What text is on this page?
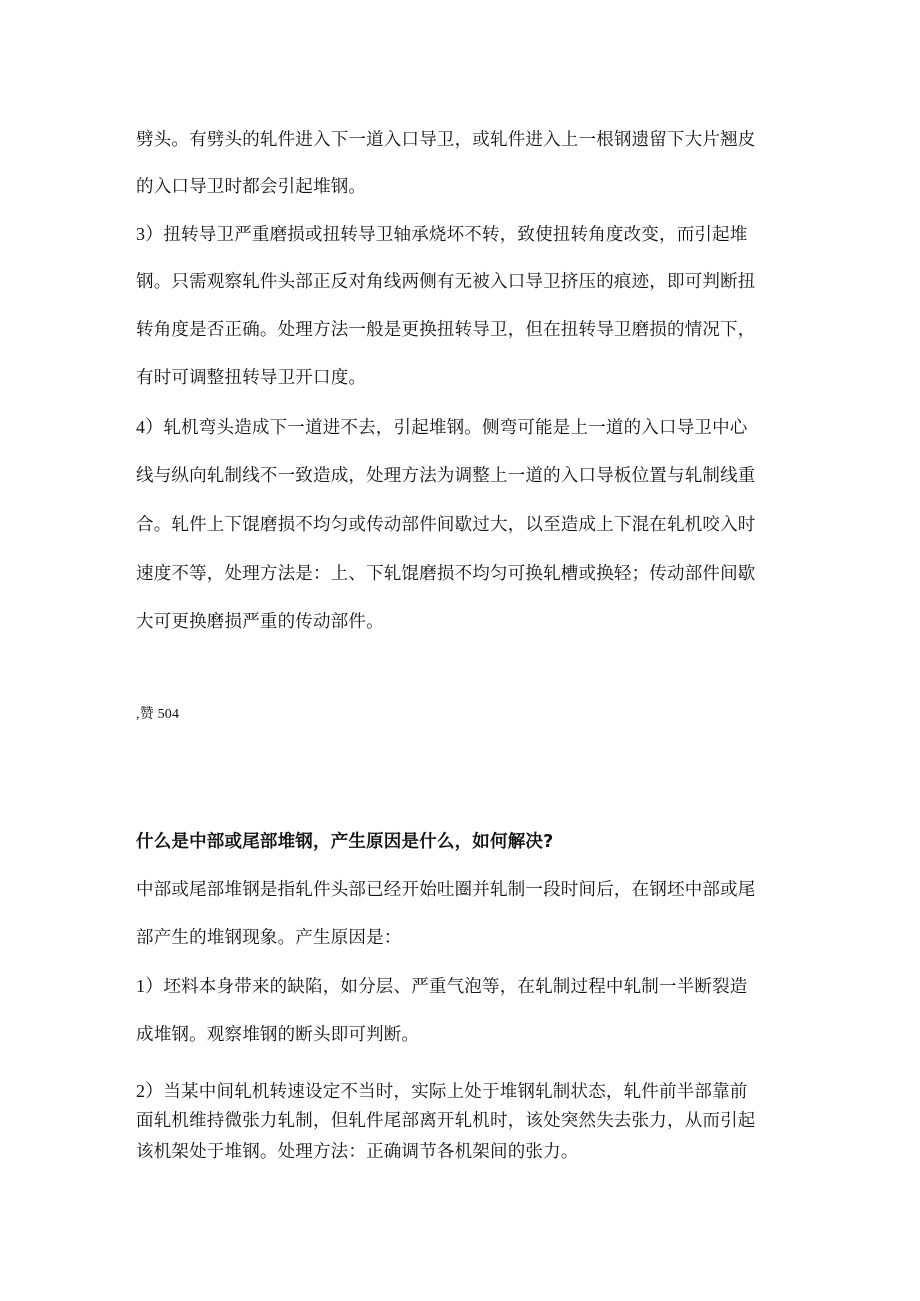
劈头。有劈头的轧件进入下一道入口导卫，或轧件进入上一根钢遗留下大片翘皮
的入口导卫时都会引起堆钢。
3）扭转导卫严重磨损或扭转导卫轴承烧坏不转，致使扭转角度改变，而引起堆
钢。只需观察轧件头部正反对角线两侧有无被入口导卫挤压的痕迹，即可判断扭
转角度是否正确。处理方法一般是更换扭转导卫，但在扭转导卫磨损的情况下，
有时可调整扭转导卫开口度。
4）轧机弯头造成下一道进不去，引起堆钢。侧弯可能是上一道的入口导卫中心
线与纵向轧制线不一致造成，处理方法为调整上一道的入口导板位置与轧制线重
合。轧件上下馄磨损不均匀或传动部件间歇过大，以至造成上下混在轧机咬入时
速度不等，处理方法是：上、下轧馄磨损不均匀可换轧槽或换轻；传动部件间歇
大可更换磨损严重的传动部件。
,赞 504
什么是中部或尾部堆钢，产生原因是什么，如何解决?
中部或尾部堆钢是指轧件头部已经开始吐圈并轧制一段时间后，在钢坯中部或尾
部产生的堆钢现象。产生原因是：
1）坯料本身带来的缺陷，如分层、严重气泡等，在轧制过程中轧制一半断裂造
成堆钢。观察堆钢的断头即可判断。
2）当某中间轧机转速设定不当时，实际上处于堆钢轧制状态，轧件前半部靠前
面轧机维持微张力轧制，但轧件尾部离开轧机时，该处突然失去张力，从而引起
该机架处于堆钢。处理方法：正确调节各机架间的张力。
